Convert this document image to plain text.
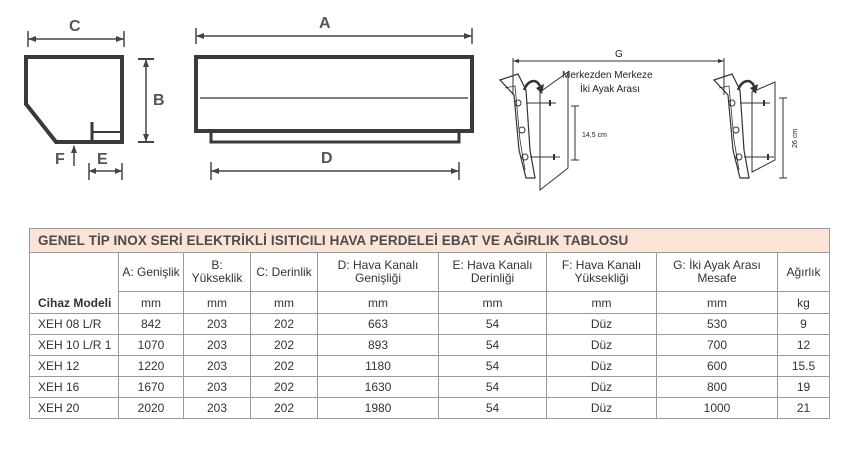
C
B
F E
A
D
G
Merkezden Merkeze
İki Ayak Arası
14,5 cm	26 cm
GENEL TİP INOX SERİ ELEKTRİKLİ ISITICILI HAVA PERDELEİ EBAT VE AĞIRLIK TABLOSU								
Cihaz Modeli	A: Genişlik	B: Yükseklik	C: Derinlik	D: Hava Kanalı Genişliği	E: Hava Kanalı Derinliği	F: Hava Kanalı Yüksekliği	G: İki Ayak Arası Mesafe	Ağırlık
	mm	mm	mm	mm	mm	mm	mm	kg
XEH 08 L/R	842	203	202	663	54	Düz	530	9
XEH 10 L/R 1	1070	203	202	893	54	Düz	700	12
XEH 12	1220	203	202	1180	54	Düz	600	15.5
XEH 16	1670	203	202	1630	54	Düz	800	19
XEH 20	2020	203	202	1980	54	Düz	1000	21
